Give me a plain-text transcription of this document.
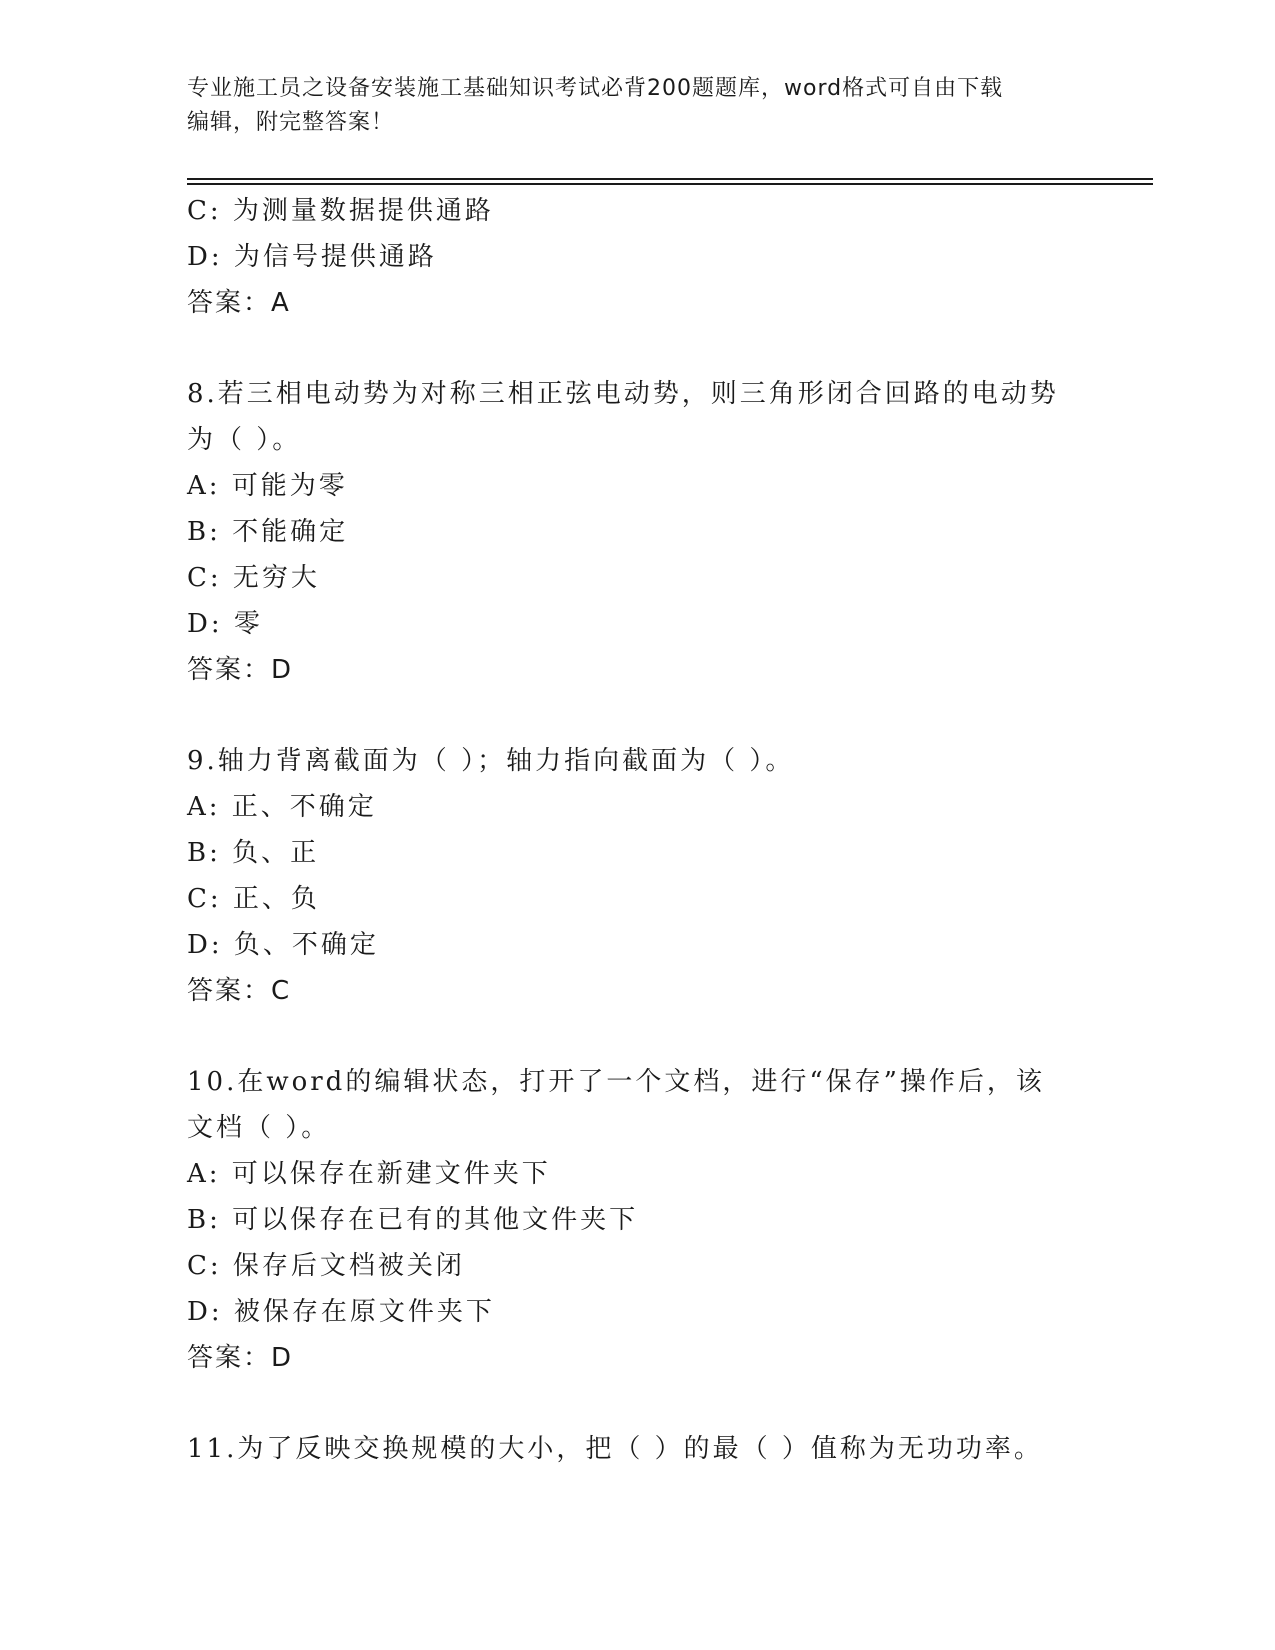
专业施工员之设备安装施工基础知识考试必背200题题库，word格式可自由下载
编辑，附完整答案！
C: 为测量数据提供通路
D: 为信号提供通路
答案：A
8.若三相电动势为对称三相正弦电动势，则三角形闭合回路的电动势
为（ ）。
A: 可能为零
B: 不能确定
C: 无穷大
D: 零
答案：D
9.轴力背离截面为（ ）；轴力指向截面为（ ）。
A: 正、不确定
B: 负、正
C: 正、负
D: 负、不确定
答案：C
10.在word的编辑状态，打开了一个文档，进行“保存”操作后，该
文档（ ）。
A: 可以保存在新建文件夹下
B: 可以保存在已有的其他文件夹下
C: 保存后文档被关闭
D: 被保存在原文件夹下
答案：D
11.为了反映交换规模的大小，把（ ）的最（ ）值称为无功功率。
